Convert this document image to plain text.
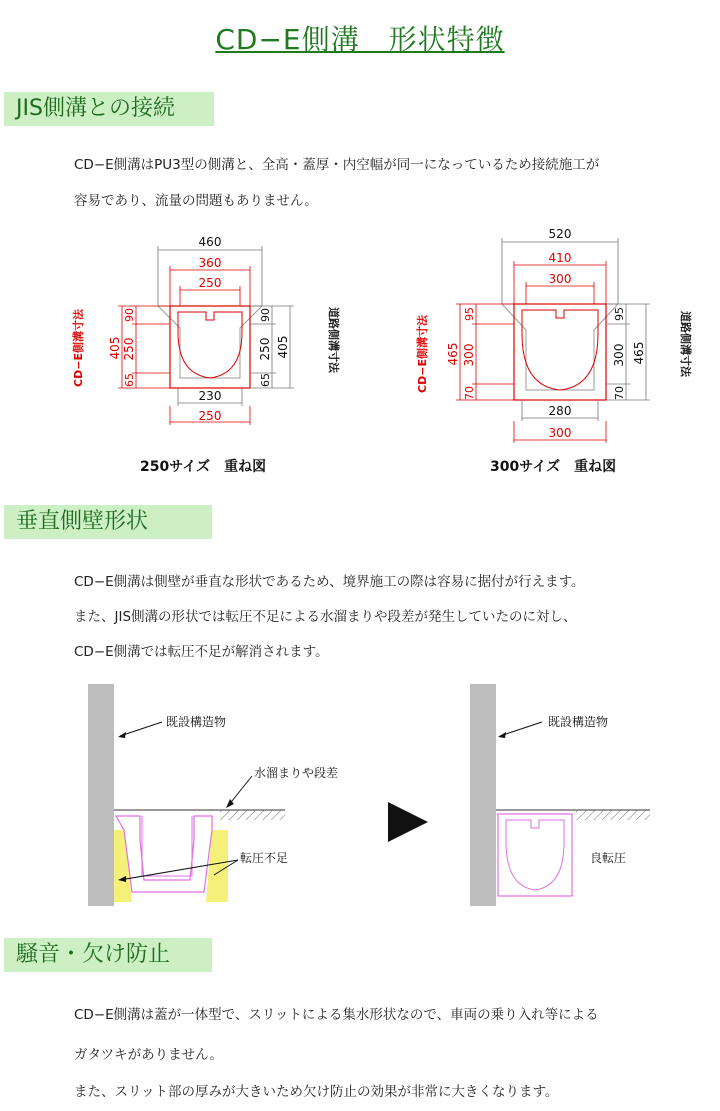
CD−E側溝　形状特徴
JIS側溝との接続
CD−E側溝はPU3型の側溝と、全高・蓋厚・内空幅が同一になっているため接続施工が
容易であり、流量の問題もありません。
CD−E側溝寸法	道路側溝寸法
460
360
250
405
90
250
65
90
250 405
65
230
250
250サイズ　重ね図
CD−E側溝寸法	道路側溝寸法
520
410
300
465
95
300
70
95
300 465
70
280
300
300サイズ　重ね図
垂直側壁形状
CD−E側溝は側壁が垂直な形状であるため、境界施工の際は容易に据付が行えます。
また、JIS側溝の形状では転圧不足による水溜まりや段差が発生していたのに対し、
CD−E側溝では転圧不足が解消されます。
既設構造物
水溜まりや段差
転圧不足
既設構造物
良転圧
騒音・欠け防止
CD−E側溝は蓋が一体型で、スリットによる集水形状なので、車両の乗り入れ等による
ガタツキがありません。
また、スリット部の厚みが大きいため欠け防止の効果が非常に大きくなります。
